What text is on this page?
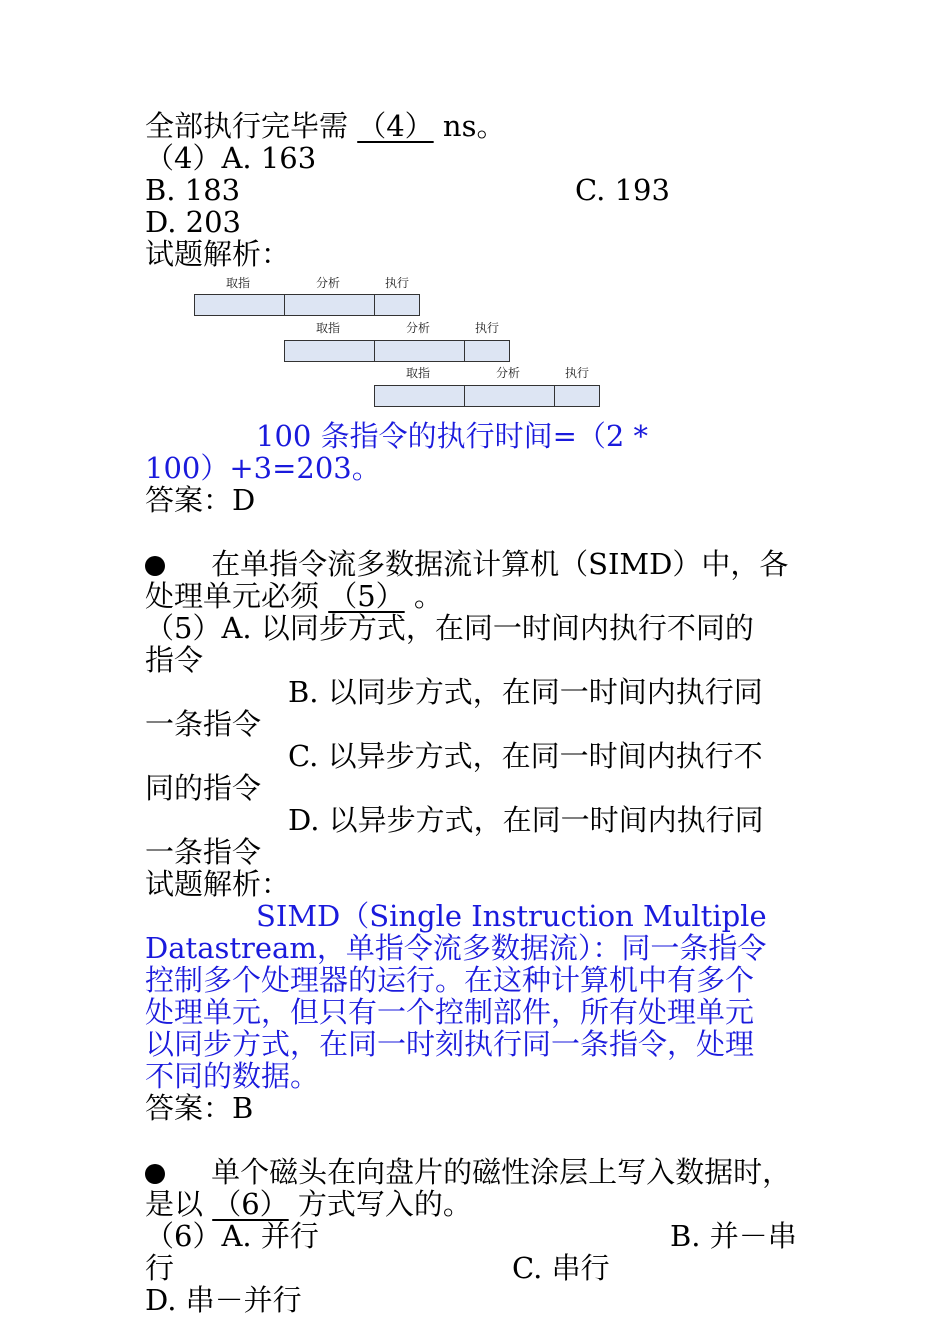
全部执行完毕需 （4） ns。
（4）A. 163
B. 183	C. 193
D. 203
试题解析：
取指	分析	执行
取指	分析	执行
取指	分析	执行
100 条指令的执行时间=（2 *
100）+3=203。
答案：D
在单指令流多数据流计算机（SIMD）中，各
处理单元必须 （5） 。
（5）A. 以同步方式，在同一时间内执行不同的
指令
B. 以同步方式，在同一时间内执行同
一条指令
C. 以异步方式，在同一时间内执行不
同的指令
D. 以异步方式，在同一时间内执行同
一条指令
试题解析：
SIMD（Single Instruction Multiple
Datastream，单指令流多数据流）：同一条指令
控制多个处理器的运行。在这种计算机中有多个
处理单元，但只有一个控制部件，所有处理单元
以同步方式，在同一时刻执行同一条指令，处理
不同的数据。
答案：B
单个磁头在向盘片的磁性涂层上写入数据时，
是以 （6） 方式写入的。
（6）A. 并行	B. 并－串
行	C. 串行
D. 串－并行
